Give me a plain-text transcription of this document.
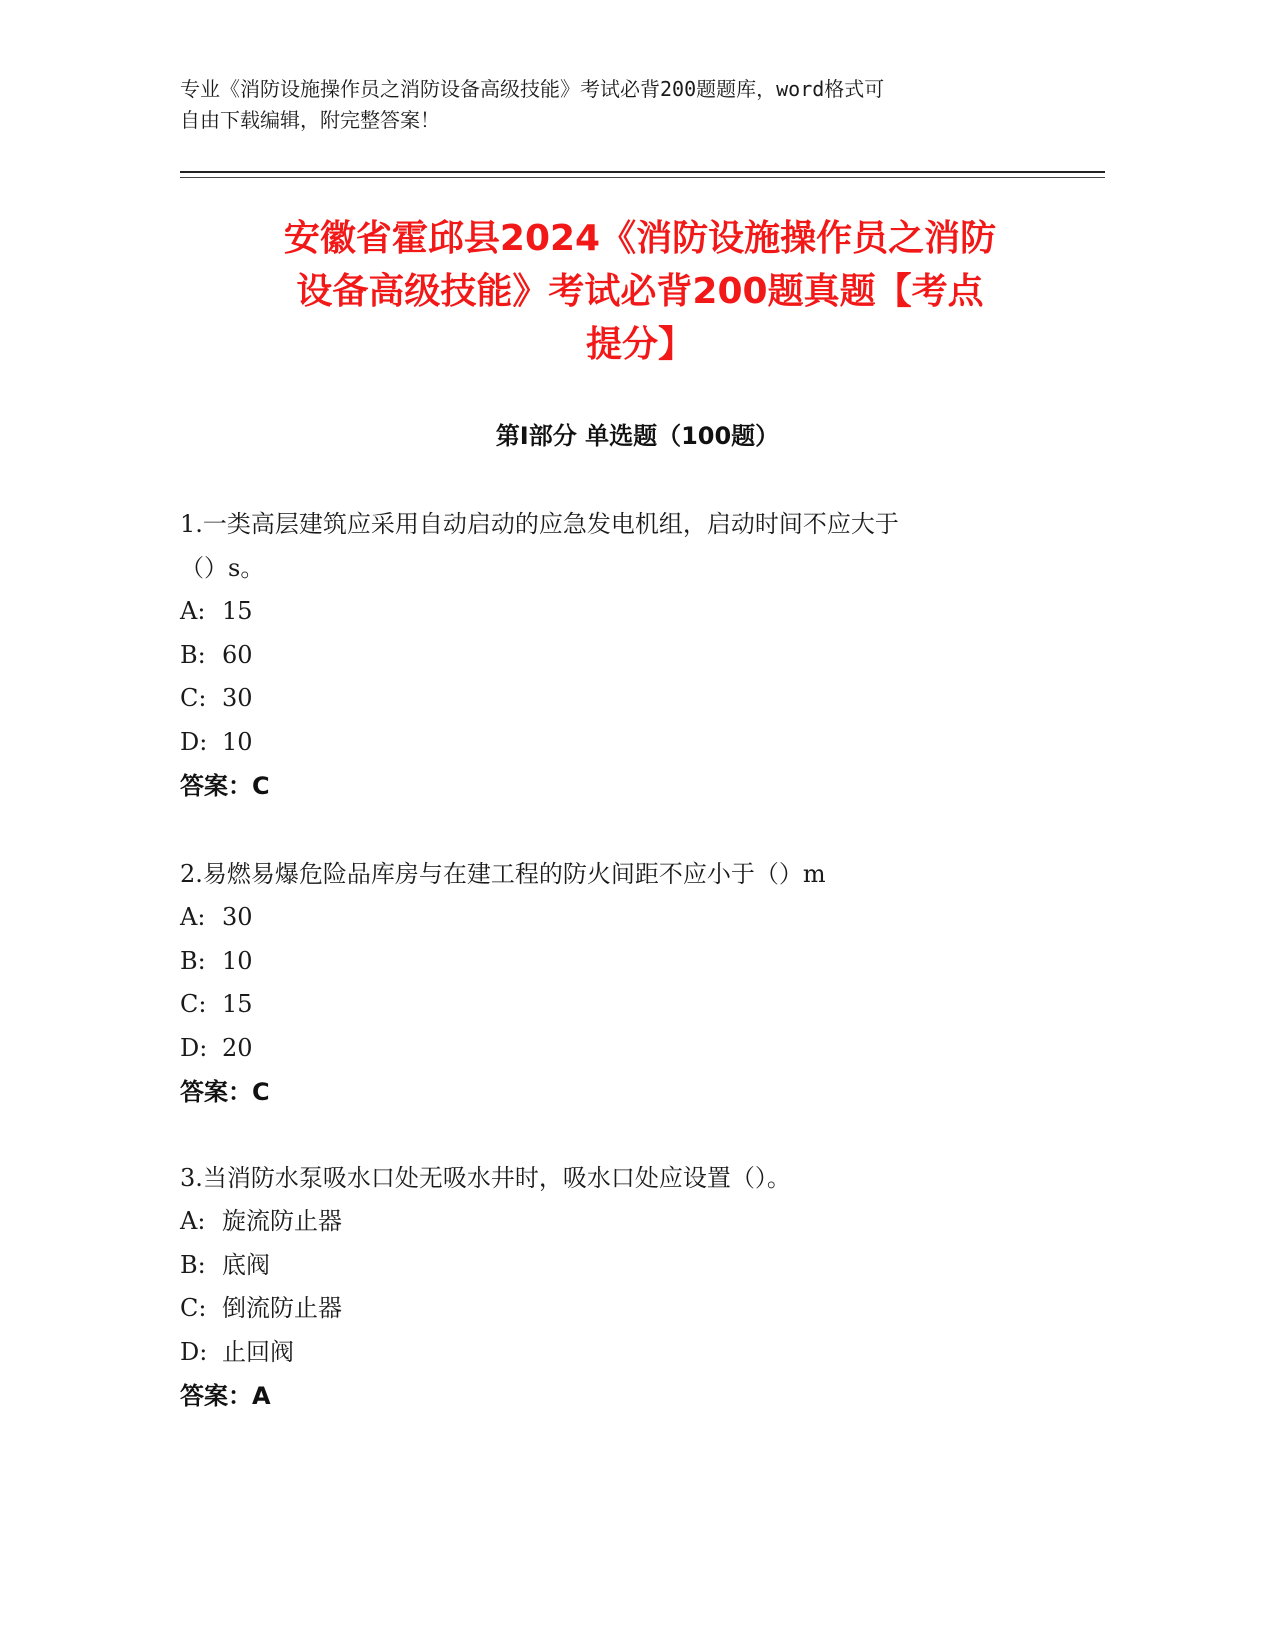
专业《消防设施操作员之消防设备高级技能》考试必背200题题库，word格式可
自由下载编辑，附完整答案！
安徽省霍邱县2024《消防设施操作员之消防
设备高级技能》考试必背200题真题【考点
提分】
第Ⅰ部分 单选题（100题）
1.一类高层建筑应采用自动启动的应急发电机组，启动时间不应大于
（）s。
A: 15
B: 60
C: 30
D: 10
答案：C
2.易燃易爆危险品库房与在建工程的防火间距不应小于（）m
A: 30
B: 10
C: 15
D: 20
答案：C
3.当消防水泵吸水口处无吸水井时，吸水口处应设置（）。
A: 旋流防止器
B: 底阀
C: 倒流防止器
D: 止回阀
答案：A
